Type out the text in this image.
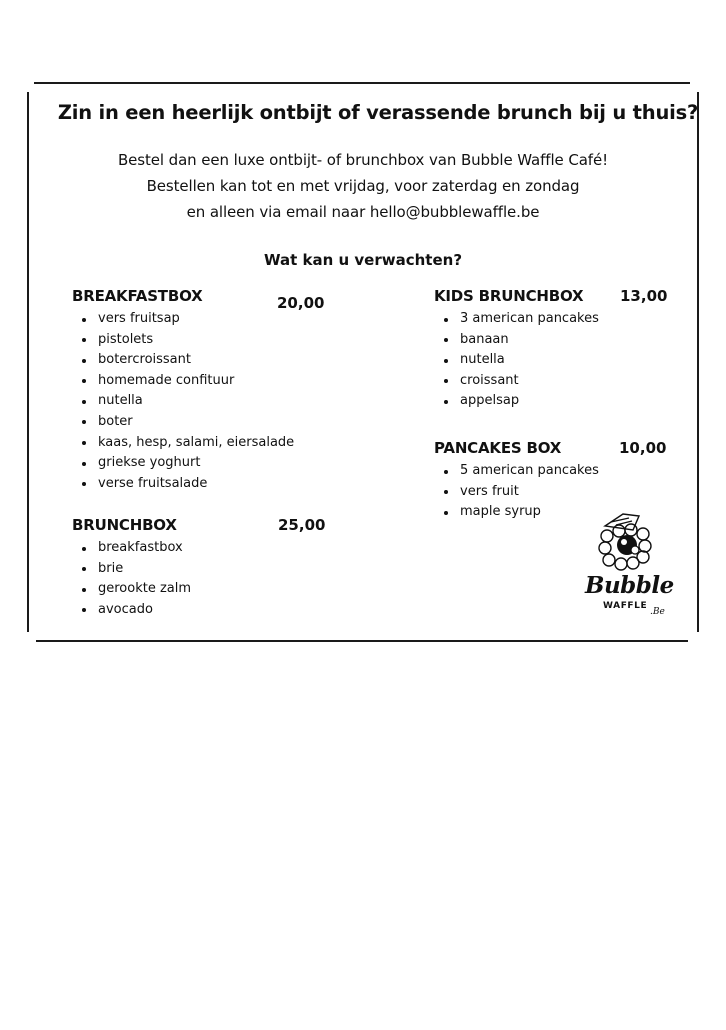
Zin in een heerlijk ontbijt of verassende brunch bij u thuis?
Bestel dan een luxe ontbijt- of brunchbox van Bubble Waffle Café!
Bestellen kan tot en met vrijdag, voor zaterdag en zondag
en alleen via email naar hello@bubblewaffle.be
Wat kan u verwachten?
BREAKFASTBOX	20,00
vers fruitsap
pistolets
botercroissant
homemade confituur
nutella
boter
kaas, hesp, salami, eiersalade
griekse yoghurt
verse fruitsalade
BRUNCHBOX	25,00
breakfastbox
brie
gerookte zalm
avocado
KIDS BRUNCHBOX 13,00
3 american pancakes
banaan
nutella
croissant
appelsap
PANCAKES BOX	10,00
5 american pancakes
vers fruit
maple syrup
Bubble
WAFFLE
.Be
